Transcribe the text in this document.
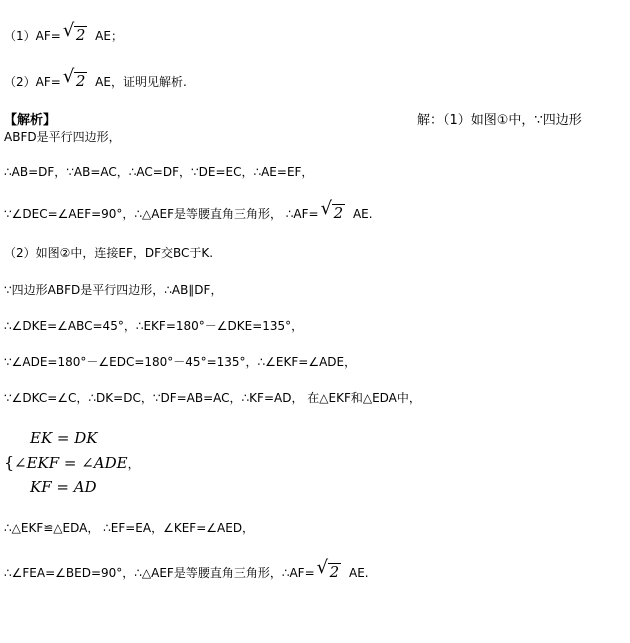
（1）AF= √ 2 AE；
（2）AF= √ 2 AE，证明见解析.
【解析】	解：（1）如图①中，∵四边形
ABFD是平行四边形，
∴AB=DF，∵AB=AC，∴AC=DF，∵DE=EC，∴AE=EF，
∵∠DEC=∠AEF=90°，∴△AEF是等腰直角三角形， ∴AF= √ 2 AE.
（2）如图②中，连接EF，DF交BC于K.
∵四边形ABFD是平行四边形，∴AB∥DF，
∴∠DKE=∠ABC=45°，∴EKF=180°－∠DKE=135°，
∵∠ADE=180°－∠EDC=180°－45°=135°，∴∠EKF=∠ADE，
∵∠DKC=∠C，∴DK=DC，∵DF=AB=AC，∴KF=AD， 在△EKF和△EDA中，
{
EK = DK
∠EKF = ∠ADE，
KF = AD
∴△EKF≌△EDA， ∴EF=EA，∠KEF=∠AED，
∴∠FEA=∠BED=90°，∴△AEF是等腰直角三角形，∴AF= √ 2 AE.
